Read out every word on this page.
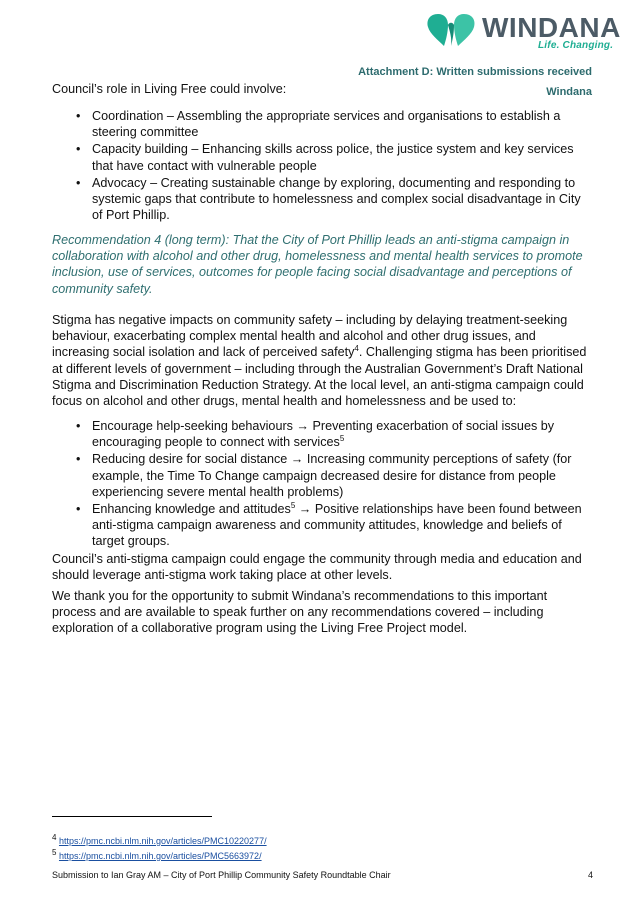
WINDANA
Life. Changing.
Attachment D: Written submissions received
Windana
Council’s role in Living Free could involve:
• Coordination – Assembling the appropriate services and organisations to establish a steering committee
• Capacity building – Enhancing skills across police, the justice system and key services that have contact with vulnerable people
• Advocacy – Creating sustainable change by exploring, documenting and responding to systemic gaps that contribute to homelessness and complex social disadvantage in City of Port Phillip.
Recommendation 4 (long term): That the City of Port Phillip leads an anti-stigma campaign in collaboration with alcohol and other drug, homelessness and mental health services to promote inclusion, use of services, outcomes for people facing social disadvantage and perceptions of community safety.
Stigma has negative impacts on community safety – including by delaying treatment-seeking behaviour, exacerbating complex mental health and alcohol and other drug issues, and increasing social isolation and lack of perceived safety$^4$. Challenging stigma has been prioritised at different levels of government – including through the Australian Government’s Draft National Stigma and Discrimination Reduction Strategy. At the local level, an anti-stigma campaign could focus on alcohol and other drugs, mental health and homelessness and be used to:
• Encourage help-seeking behaviours → Preventing exacerbation of social issues by encouraging people to connect with services$^5$
• Reducing desire for social distance → Increasing community perceptions of safety (for example, the Time To Change campaign decreased desire for distance from people experiencing severe mental health problems)
• Enhancing knowledge and attitudes$^5$ → Positive relationships have been found between anti-stigma campaign awareness and community attitudes, knowledge and beliefs of target groups.
Council’s anti-stigma campaign could engage the community through media and education and should leverage anti-stigma work taking place at other levels.
We thank you for the opportunity to submit Windana’s recommendations to this important process and are available to speak further on any recommendations covered – including exploration of a collaborative program using the Living Free Project model.
$^4$ https://pmc.ncbi.nlm.nih.gov/articles/PMC10220277/
$^5$ https://pmc.ncbi.nlm.nih.gov/articles/PMC5663972/
Submission to Ian Gray AM – City of Port Phillip Community Safety Roundtable Chair	4
